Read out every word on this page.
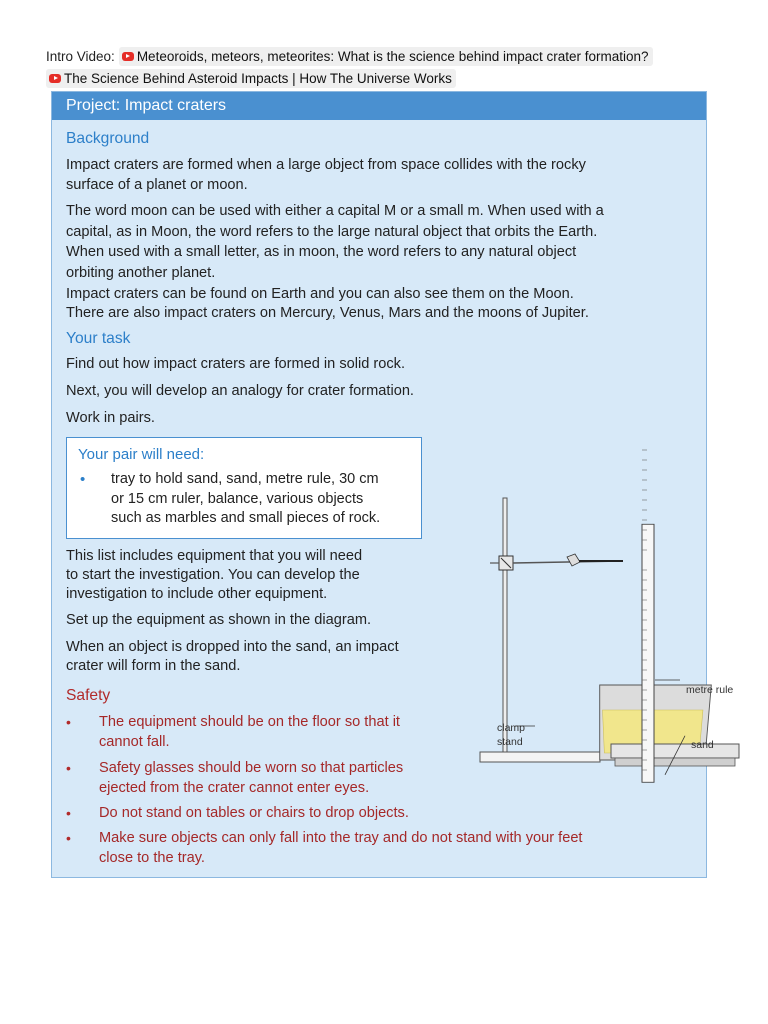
Intro Video: Meteoroids, meteors, meteorites: What is the science behind impact crater formation?
The Science Behind Asteroid Impacts | How The Universe Works
Project: Impact craters
Background
Impact craters are formed when a large object from space collides with the rocky
surface of a planet or moon.
The word moon can be used with either a capital M or a small m. When used with a
capital, as in Moon, the word refers to the large natural object that orbits the Earth.
When used with a small letter, as in moon, the word refers to any natural object
orbiting another planet.
Impact craters can be found on Earth and you can also see them on the Moon.
There are also impact craters on Mercury, Venus, Mars and the moons of Jupiter.
Your task
Find out how impact craters are formed in solid rock.
Next, you will develop an analogy for crater formation.
Work in pairs.
Your pair will need:
• tray to hold sand, sand, metre rule, 30 cm
or 15 cm ruler, balance, various objects
such as marbles and small pieces of rock.
This list includes equipment that you will need
to start the investigation. You can develop the
investigation to include other equipment.
Set up the equipment as shown in the diagram.
When an object is dropped into the sand, an impact
crater will form in the sand.
Safety
• The equipment should be on the floor so that it
cannot fall.
• Safety glasses should be worn so that particles
ejected from the crater cannot enter eyes.
• Do not stand on tables or chairs to drop objects.
• Make sure objects can only fall into the tray and do not stand with your feet
close to the tray.
metre rule
clamp
stand	sand
